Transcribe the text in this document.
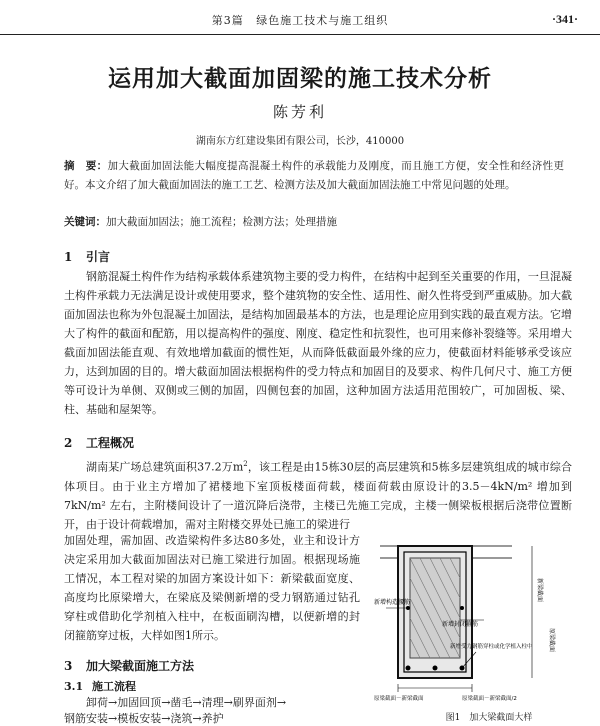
第3篇 绿色施工技术与施工组织	·341·
运用加大截面加固梁的施工技术分析
陈芳利
湖南东方红建设集团有限公司，长沙，410000
摘　要：加大截面加固法能大幅度提高混凝土构件的承载能力及刚度，而且施工方便，安全性和经济性更好。本文介绍了加大截面加固法的施工工艺、检测方法及加大截面加固法施工中常见问题的处理。
关键词：加大截面加固法；施工流程；检测方法；处理措施
1 引言

钢筋混凝土构件作为结构承载体系建筑物主要的受力构件，在结构中起到至关重要的作用，一旦混凝土构件承载力无法满足设计或使用要求，整个建筑物的安全性、适用性、耐久性将受到严重威胁。加大截面加固法也称为外包混凝土加固法，是结构加固最基本的方法，也是理论应用到实践的最直观方法。它增大了构件的截面和配筋，用以提高构件的强度、刚度、稳定性和抗裂性，也可用来修补裂缝等。采用增大截面加固法能直观、有效地增加截面的惯性矩，从而降低截面最外缘的应力，使截面材料能够承受该应力，达到加固的目的。增大截面加固法根据构件的受力特点和加固目的及要求、构件几何尺寸、施工方便等可设计为单侧、双侧或三侧的加固，四侧包套的加固，这种加固方法适用范围较广，可加固板、梁、柱、基础和屋架等。

2 工程概况

湖南某广场总建筑面积37.2万$m^2$，该工程是由15栋30层的高层建筑和5栋多层建筑组成的城市综合体项目。由于业主方增加了裙楼地下室顶板楼面荷载，楼面荷载由原设计的3.5－4kN/m² 增加到7kN/m² 左右，主附楼间设计了一道沉降后浇带，主楼已先施工完成，主楼一侧梁板根据后浇带位置断开，由于设计荷载增加，需对主附楼交界处已施工的梁进行

加固处理，需加固、改造梁构件多达80多处，业主和设计方决定采用加大截面加固法对已施工梁进行加固。根据现场施工情况，本工程对梁的加固方案设计如下：新梁截面宽度、高度均比原梁增大，在梁底及梁侧新增的受力钢筋通过钻孔穿柱或借助化学剂植入柱中，在板面刷沟槽，以便新增的封闭箍筋穿过板，大样如图1所示。

3 加大梁截面施工方法
3.1 施工流程
卸荷→加固回顶→凿毛→清理→刷界面剂→
钢筋安装→模板安装→浇筑→养护
新增构造腰筋
新增封闭箍筋
新增受力钢筋穿柱或化学植入柱中
原梁截面－新梁截面	原梁截面－新梁截面/2
新梁截面
原梁截面
图1　加大梁截面大样
